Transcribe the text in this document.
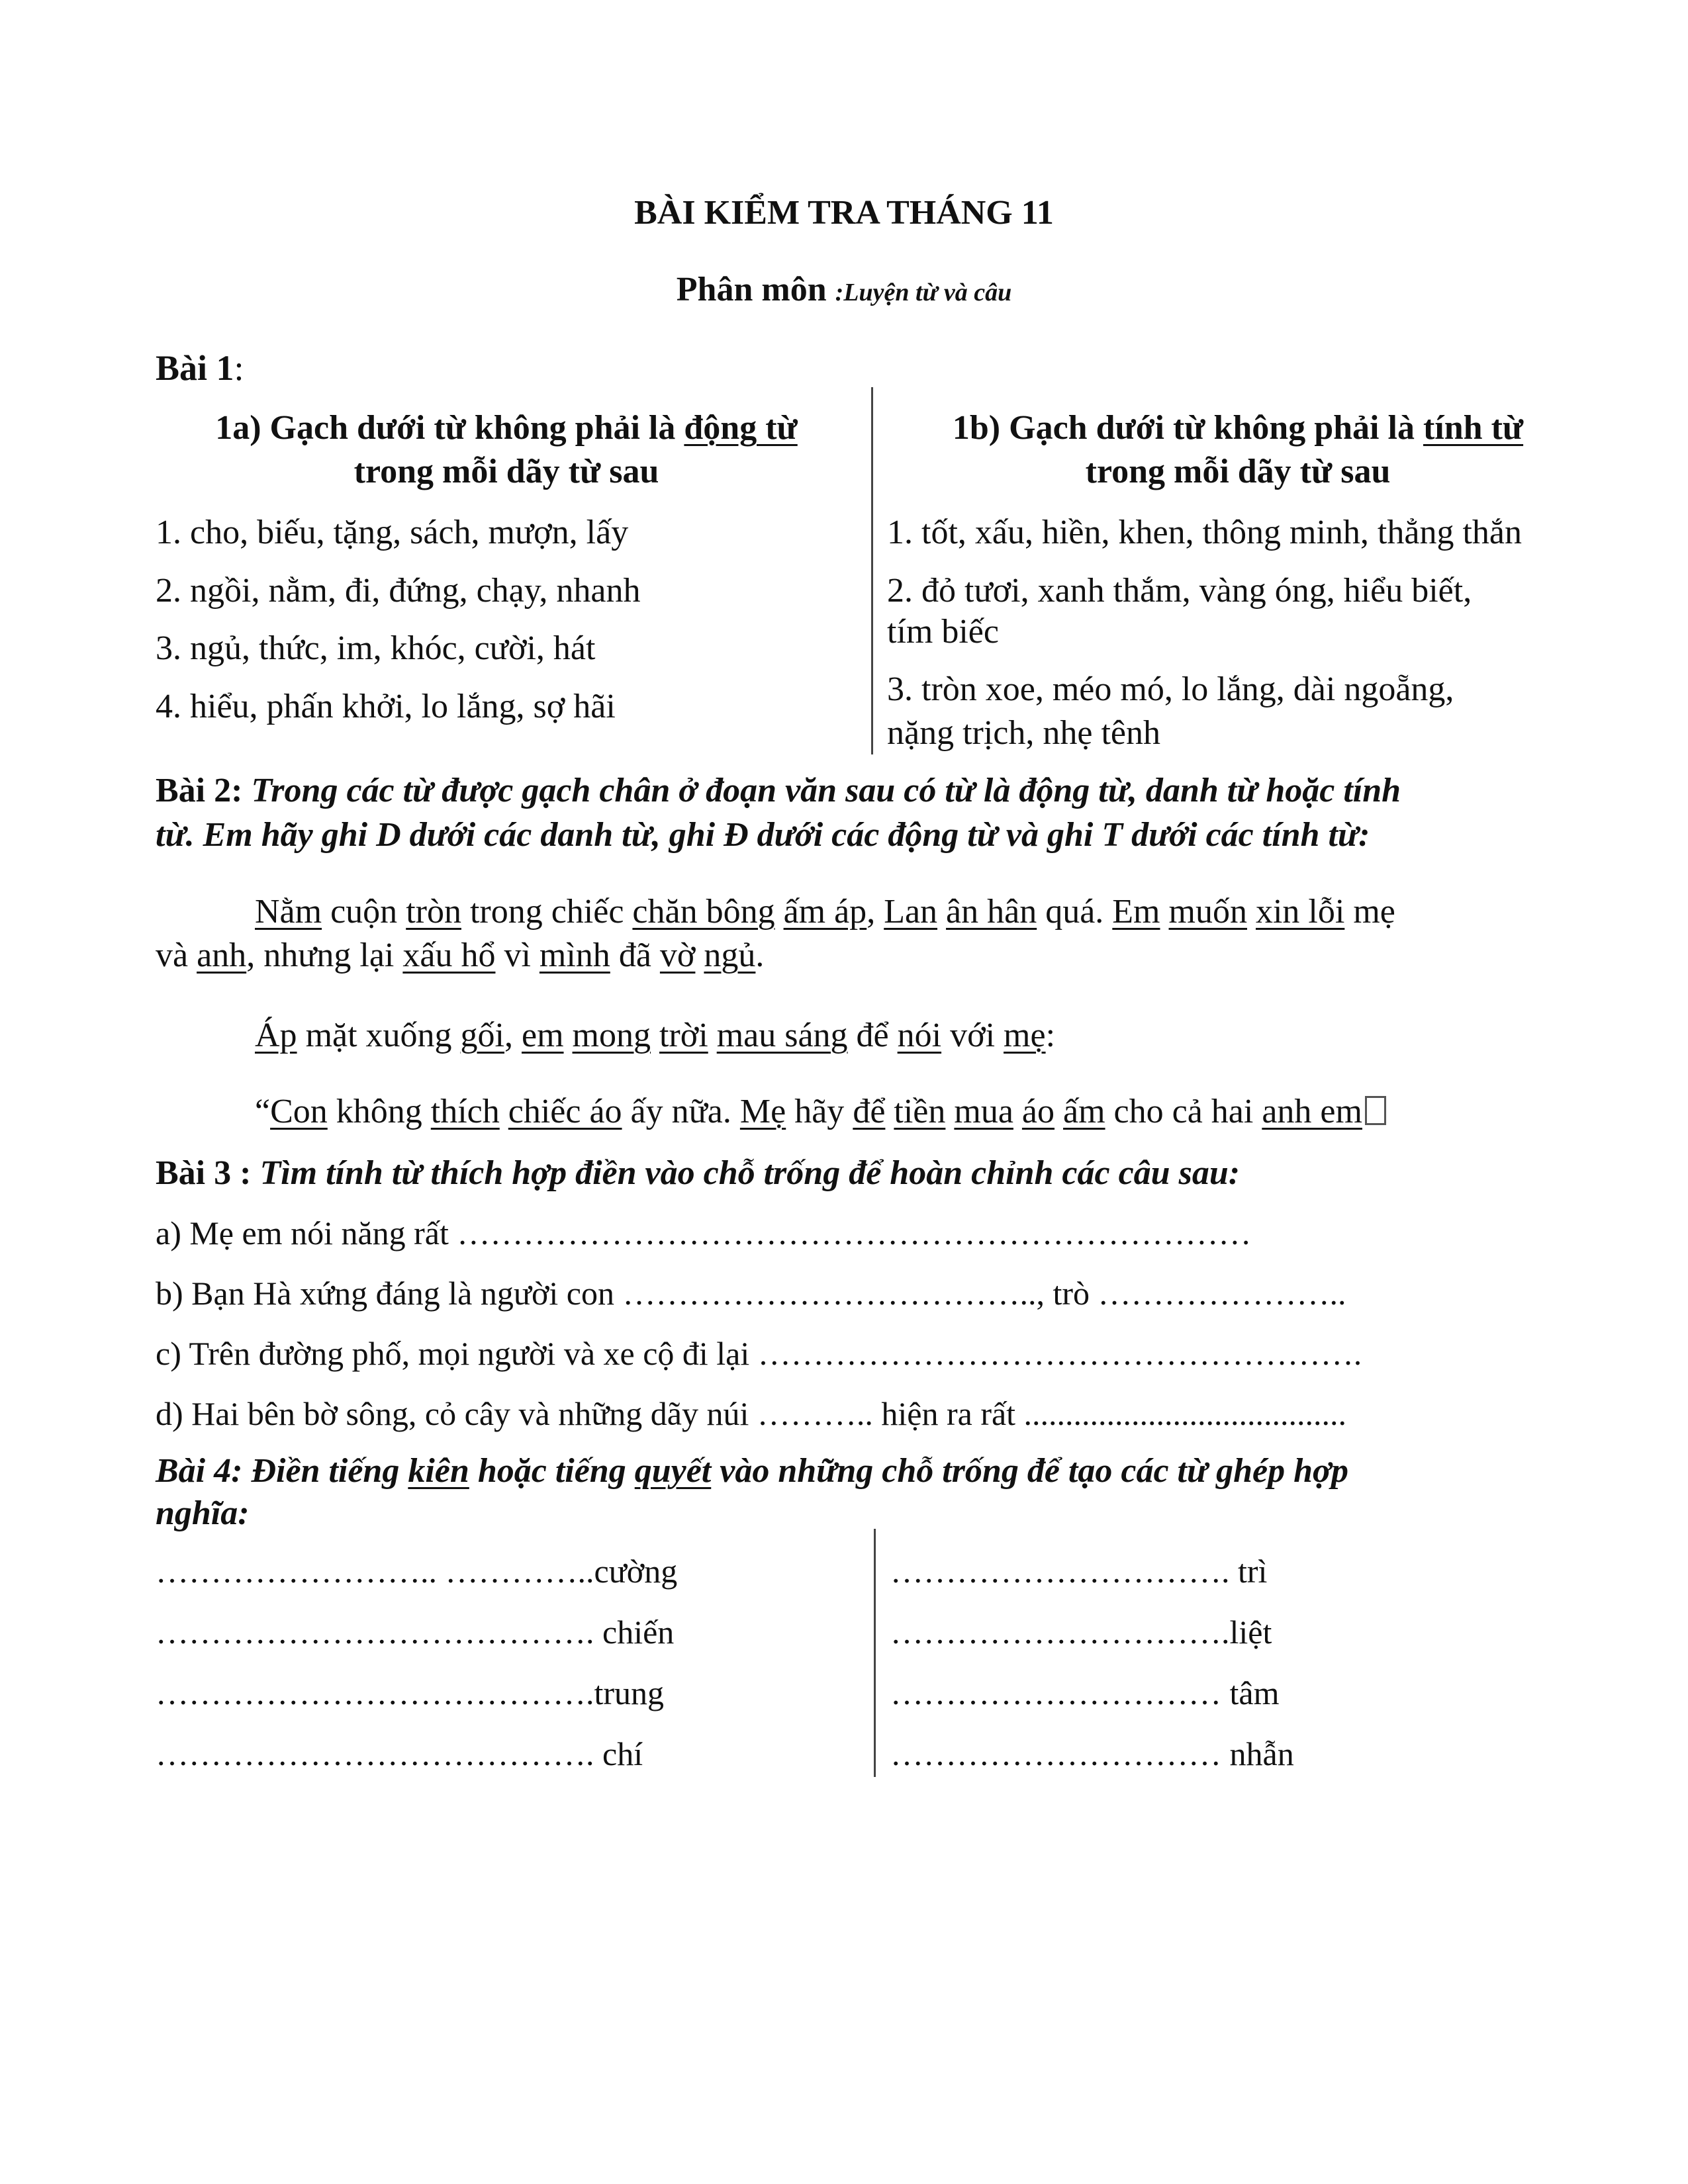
BÀI KIỂM TRA THÁNG 11
Phân môn :Luyện từ và câu
Bài 1:
1a) Gạch dưới từ không phải là động từ
trong mỗi dãy từ sau
1. cho, biếu, tặng, sách, mượn, lấy
2. ngồi, nằm, đi, đứng, chạy, nhanh
3. ngủ, thức, im, khóc, cười, hát
4. hiểu, phấn khởi, lo lắng, sợ hãi
1b) Gạch dưới từ không phải là tính từ
trong mỗi dãy từ sau
1. tốt, xấu, hiền, khen, thông minh, thẳng thắn
2. đỏ tươi, xanh thắm, vàng óng, hiểu biết,
tím biếc
3. tròn xoe, méo mó, lo lắng, dài ngoẵng,
nặng trịch, nhẹ tênh
Bài 2: Trong các từ được gạch chân ở đoạn văn sau có từ là động từ, danh từ hoặc tính
từ. Em hãy ghi D dưới các danh từ, ghi Đ dưới các động từ và ghi T dưới các tính từ:
Nằm cuộn tròn trong chiếc chăn bông ấm áp, Lan ân hân quá. Em muốn xin lỗi mẹ
và anh, nhưng lại xấu hổ vì mình đã vờ ngủ.
Áp mặt xuống gối, em mong trời mau sáng để nói với mẹ:
“Con không thích chiếc áo ấy nữa. Mẹ hãy để tiền mua áo ấm cho cả hai anh em
Bài 3 : Tìm tính từ thích hợp điền vào chỗ trống để hoàn chỉnh các câu sau:
a) Mẹ em nói năng rất ………………………………………………………………
b) Bạn Hà xứng đáng là người con ……………………………….., trò …………………..
c) Trên đường phố, mọi người và xe cộ đi lại ……………………………………………….
d) Hai bên bờ sông, cỏ cây và những dãy núi ……….. hiện ra rất .......................................
Bài 4: Điền tiếng kiên hoặc tiếng quyết vào những chỗ trống để tạo các từ ghép hợp
nghĩa:
…………………….. …………..cường
…………………………………. chiến
………………………………….trung
…………………………………. chí
…………………………. trì
………………………….liệt
………………………… tâm
………………………… nhẫn
